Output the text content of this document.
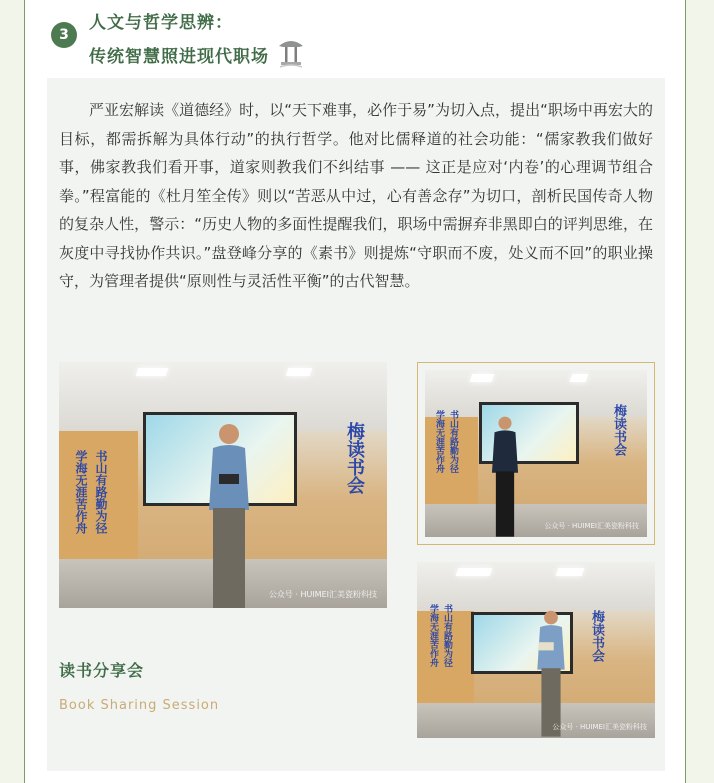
3
人文与哲学思辨：
传统智慧照进现代职场

严亚宏解读《道德经》时，以“天下难事，必作于易”为切入点，提出“职场中再宏大的目标，都需拆解为具体行动”的执行哲学。他对比儒释道的社会功能：“儒家教我们做好事，佛家教我们看开事，道家则教我们不纠结事 —— 这正是应对‘内卷’的心理调节组合拳。”程富能的《杜月笙全传》则以“苦恶从中过，心有善念存”为切口，剖析民国传奇人物的复杂人性，警示：“历史人物的多面性提醒我们，职场中需摒弃非黑即白的评判思维，在灰度中寻找协作共识。”盘登峰分享的《素书》则提炼“守职而不废，处义而不回”的职业操守，为管理者提供“原则性与灵活性平衡”的古代智慧。

学海无涯苦作舟 书山有路勤为径	梅读书会
公众号 · HUIMEI汇美瓷粉科技
学海无涯苦作舟 书山有路勤为径	梅读书会
公众号 · HUIMEI汇美瓷粉科技
学海无涯苦作舟 书山有路勤为径	梅读书会
公众号 · HUIMEI汇美瓷粉科技
读书分享会
Book Sharing Session
